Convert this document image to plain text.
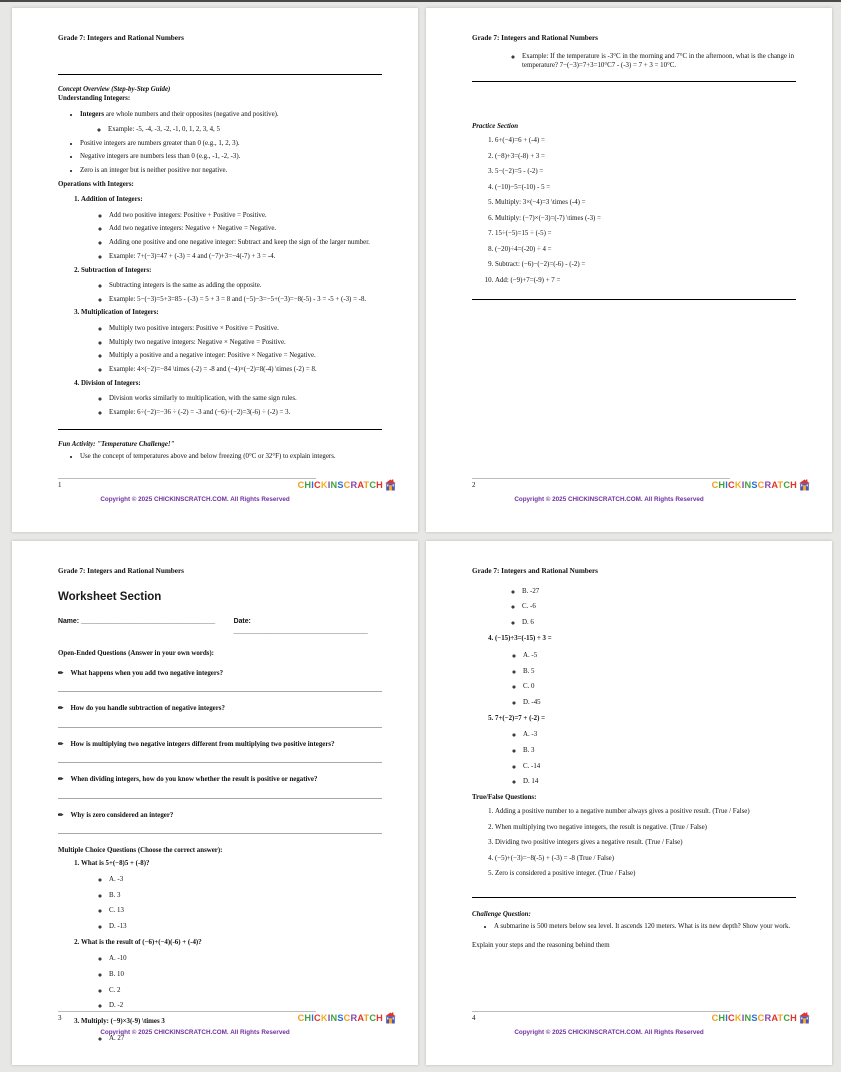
Grade 7: Integers and Rational Numbers
Concept Overview (Step-by-Step Guide)
Understanding Integers:
• Integers are whole numbers and their opposites (negative and positive).
◦ Example: -5, -4, -3, -2, -1, 0, 1, 2, 3, 4, 5
• Positive integers are numbers greater than 0 (e.g., 1, 2, 3).
• Negative integers are numbers less than 0 (e.g., -1, -2, -3).
• Zero is an integer but is neither positive nor negative.
Operations with Integers:
1. Addition of Integers:
◦ Add two positive integers: Positive + Positive = Positive.
◦ Add two negative integers: Negative + Negative = Negative.
◦ Adding one positive and one negative integer: Subtract and keep the sign of the larger number.
◦ Example: 7+(−3)=47 + (-3) = 4 and (−7)+3=−4(-7) + 3 = -4.
2. Subtraction of Integers:
◦ Subtracting integers is the same as adding the opposite.
◦ Example: 5−(−3)=5+3=85 - (-3) = 5 + 3 = 8 and (−5)−3=−5+(−3)=−8(-5) - 3 = -5 + (-3) = -8.
3. Multiplication of Integers:
◦ Multiply two positive integers: Positive × Positive = Positive.
◦ Multiply two negative integers: Negative × Negative = Positive.
◦ Multiply a positive and a negative integer: Positive × Negative = Negative.
◦ Example: 4×(−2)=−84 \times (-2) = -8 and (−4)×(−2)=8(-4) \times (-2) = 8.
4. Division of Integers:
◦ Division works similarly to multiplication, with the same sign rules.
◦ Example: 6÷(−2)=−36 ÷ (-2) = -3 and (−6)÷(−2)=3(-6) ÷ (-2) = 3.
Fun Activity: "Temperature Challenge!"
• Use the concept of temperatures above and below freezing (0°C or 32°F) to explain integers.
1	CHICKINSCRATCH
Copyright © 2025 CHICKINSCRATCH.COM. All Rights Reserved
Grade 7: Integers and Rational Numbers
◦ Example: If the temperature is -3°C in the morning and 7°C in the afternoon, what is the change in temperature? 7−(−3)=7+3=10°C7 - (-3) = 7 + 3 = 10°C.
Practice Section
1. 6+(−4)=6 + (-4) =
2. (−8)+3=(-8) + 3 =
3. 5−(−2)=5 - (-2) =
4. (−10)−5=(-10) - 5 =
5. Multiply: 3×(−4)=3 \times (-4) =
6. Multiply: (−7)×(−3)=(-7) \times (-3) =
7. 15÷(−5)=15 ÷ (-5) =
8. (−20)÷4=(-20) ÷ 4 =
9. Subtract: (−6)−(−2)=(-6) - (-2) =
10. Add: (−9)+7=(-9) + 7 =
2	CHICKINSCRATCH
Copyright © 2025 CHICKINSCRATCH.COM. All Rights Reserved
Grade 7: Integers and Rational Numbers
Worksheet Section
Name: ___________________________________	Date: ___________________________________
Open-Ended Questions (Answer in your own words):
✏ What happens when you add two negative integers?
✏ How do you handle subtraction of negative integers?
✏ How is multiplying two negative integers different from multiplying two positive integers?
✏ When dividing integers, how do you know whether the result is positive or negative?
✏ Why is zero considered an integer?
Multiple Choice Questions (Choose the correct answer):
1. What is 5+(−8)5 + (-8)?
◦ A. -3
◦ B. 3
◦ C. 13
◦ D. -13
2. What is the result of (−6)+(−4)(-6) + (-4)?
◦ A. -10
◦ B. 10
◦ C. 2
◦ D. -2
3. Multiply: (−9)×3(-9) \times 3
◦ A. 27
3	CHICKINSCRATCH
Copyright © 2025 CHICKINSCRATCH.COM. All Rights Reserved
Grade 7: Integers and Rational Numbers
◦ B. -27
◦ C. -6
◦ D. 6
4. (−15)÷3=(-15) ÷ 3 =
◦ A. -5
◦ B. 5
◦ C. 0
◦ D. -45
5. 7+(−2)=7 + (-2) =
◦ A. -3
◦ B. 3
◦ C. -14
◦ D. 14
True/False Questions:
1. Adding a positive number to a negative number always gives a positive result. (True / False)
2. When multiplying two negative integers, the result is negative. (True / False)
3. Dividing two positive integers gives a negative result. (True / False)
4. (−5)+(−3)=−8(-5) + (-3) = -8 (True / False)
5. Zero is considered a positive integer. (True / False)
Challenge Question:
• A submarine is 500 meters below sea level. It ascends 120 meters. What is its new depth? Show your work.
Explain your steps and the reasoning behind them
4	CHICKINSCRATCH
Copyright © 2025 CHICKINSCRATCH.COM. All Rights Reserved
